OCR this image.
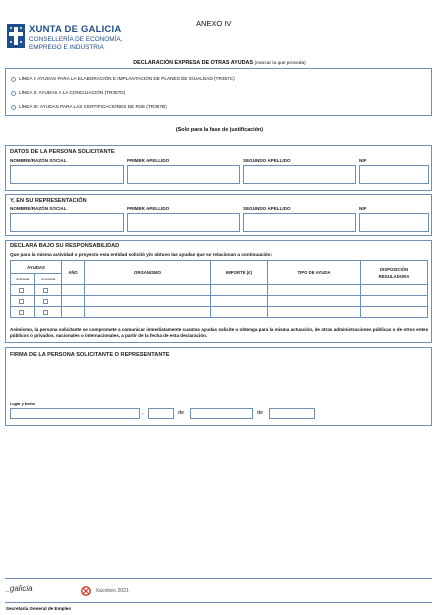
XUNTA DE GALICIA
CONSELLERÍA DE ECONOMÍA,
EMPREGO E INDUSTRIA
ANEXO IV
DECLARACIÓN EXPRESA DE OTRAS AYUDAS (marcar la que proceda)
LÍNEA I: AYUDAS PARA LA ELABORACIÓN E IMPLANTACIÓN DE PLANES DE IGUALDAD (TR357C)
LÍNEA II: AYUDAS A LA CONCILIACIÓN (TR357D)
LÍNEA III: AYUDAS PARA LAS CERTIFICACIONES DE RSE (TR357B)
(Solo para la fase de justificación)
DATOS DE LA PERSONA SOLICITANTE
NOMBRE/RAZÓN SOCIAL	PRIMER APELLIDO	SEGUNDO APELLIDO	NIF
Y, EN SU REPRESENTACIÓN
NOMBRE/RAZÓN SOCIAL	PRIMER APELLIDO	SEGUNDO APELLIDO	NIF
DECLARA BAJO SU RESPONSABILIDAD
Que para la misma actividad o proyecto esta entidad solicitó y/o obtuvo las ayudas que se relacionan a continuación:
AYUDAS		AÑO	ORGANISMO	IMPORTE (€)	TIPO DE AYUDA	DISPOSICIÓN
REGULADORA
Solicitada	Concedida					

Asimismo, la persona solicitante se compromete a comunicar inmediatamente cuantas ayudas solicite u obtenga para la misma actuación, de otras administraciones públicas o de otros entes públicos o privados, nacionales o internacionales, a partir de la fecha de esta declaración.
FIRMA DE LA PERSONA SOLICITANTE O REPRESENTANTE
Lugar y fecha
,	de	de
_galicia	Xacobeo 2021
Secretaría General de Empleo
